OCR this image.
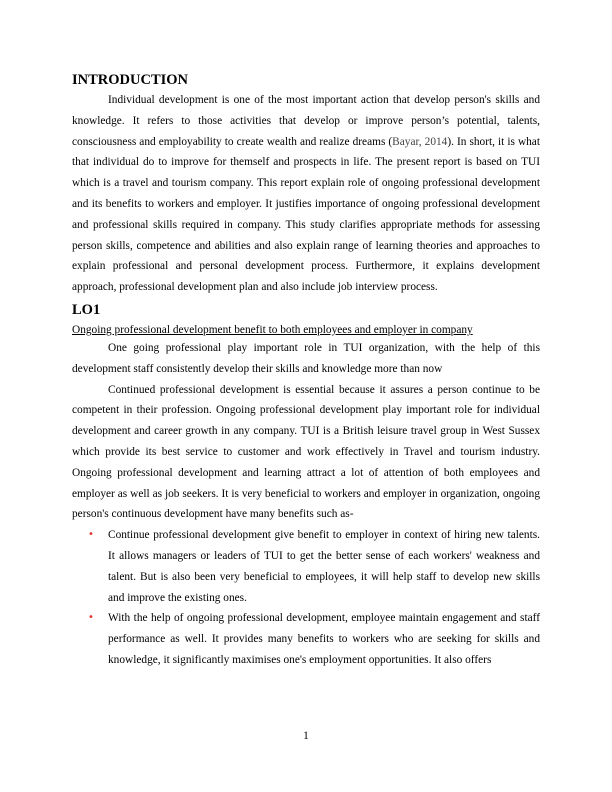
INTRODUCTION

Individual development is one of the most important action that develop person's skills and knowledge. It refers to those activities that develop or improve person’s potential, talents, consciousness and employability to create wealth and realize dreams (Bayar, 2014). In short, it is what that individual do to improve for themself and prospects in life. The present report is based on TUI which is a travel and tourism company. This report explain role of ongoing professional development and its benefits to workers and employer. It justifies importance of ongoing professional development and professional skills required in company. This study clarifies appropriate methods for assessing person skills, competence and abilities and also explain range of learning theories and approaches to explain professional and personal development process. Furthermore, it explains development approach, professional development plan and also include job interview process.

LO1

Ongoing professional development benefit to both employees and employer in company

One going professional play important role in TUI organization, with the help of this development staff consistently develop their skills and knowledge more than now

Continued professional development is essential because it assures a person continue to be competent in their profession. Ongoing professional development play important role for individual development and career growth in any company. TUI is a British leisure travel group in West Sussex which provide its best service to customer and work effectively in Travel and tourism industry. Ongoing professional development and learning attract a lot of attention of both employees and employer as well as job seekers. It is very beneficial to workers and employer in organization, ongoing person's continuous development have many benefits such as-

• Continue professional development give benefit to employer in context of hiring new talents. It allows managers or leaders of TUI to get the better sense of each workers' weakness and talent. But is also been very beneficial to employees, it will help staff to develop new skills and improve the existing ones.
• With the help of ongoing professional development, employee maintain engagement and staff performance as well. It provides many benefits to workers who are seeking for skills and knowledge, it significantly maximises one's employment opportunities. It also offers
1
